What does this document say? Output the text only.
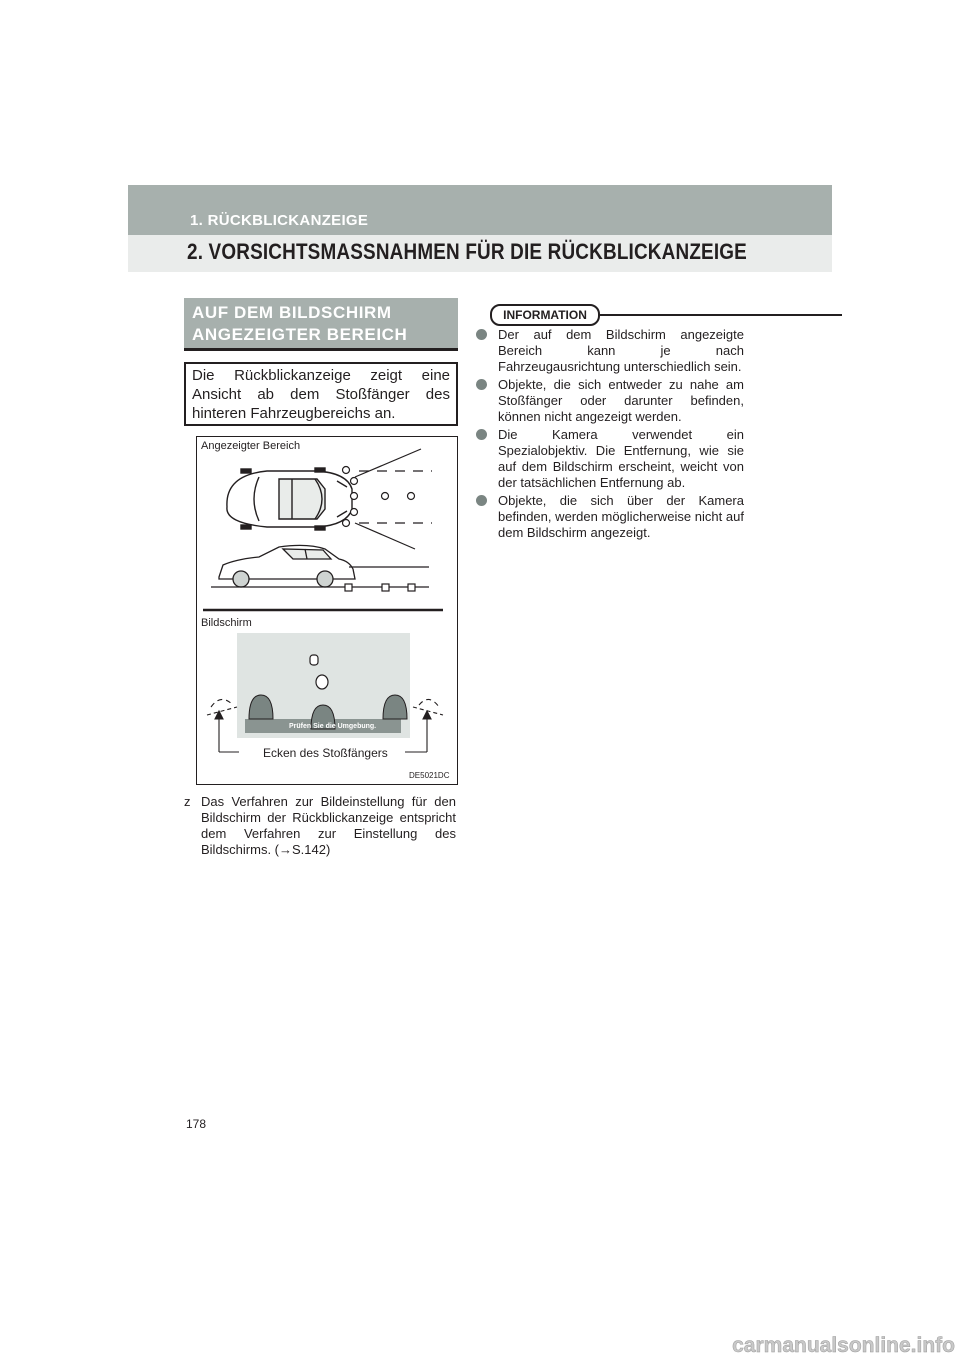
1. RÜCKBLICKANZEIGE
2. VORSICHTSMASSNAHMEN FÜR DIE RÜCKBLICKANZEIGE
AUF DEM BILDSCHIRM
ANGEZEIGTER BEREICH
Die Rückblickanzeige zeigt eine Ansicht ab dem Stoßfänger des hinteren Fahrzeugbereichs an.
Angezeigter Bereich
Bildschirm
Prüfen Sie die Umgebung.
Ecken des Stoßfängers
DE5021DC
z Das Verfahren zur Bildeinstellung für den Bildschirm der Rückblickanzeige entspricht dem Verfahren zur Einstellung des Bildschirms. (→S.142)
INFORMATION
Der auf dem Bildschirm angezeigte Bereich kann je nach Fahrzeugausrichtung unterschiedlich sein.
Objekte, die sich entweder zu nahe am Stoßfänger oder darunter befinden, können nicht angezeigt werden.
Die Kamera verwendet ein Spezialobjektiv. Die Entfernung, wie sie auf dem Bildschirm erscheint, weicht von der tatsächlichen Entfernung ab.
Objekte, die sich über der Kamera befinden, werden möglicherweise nicht auf dem Bildschirm angezeigt.
178
carmanualsonline.info
